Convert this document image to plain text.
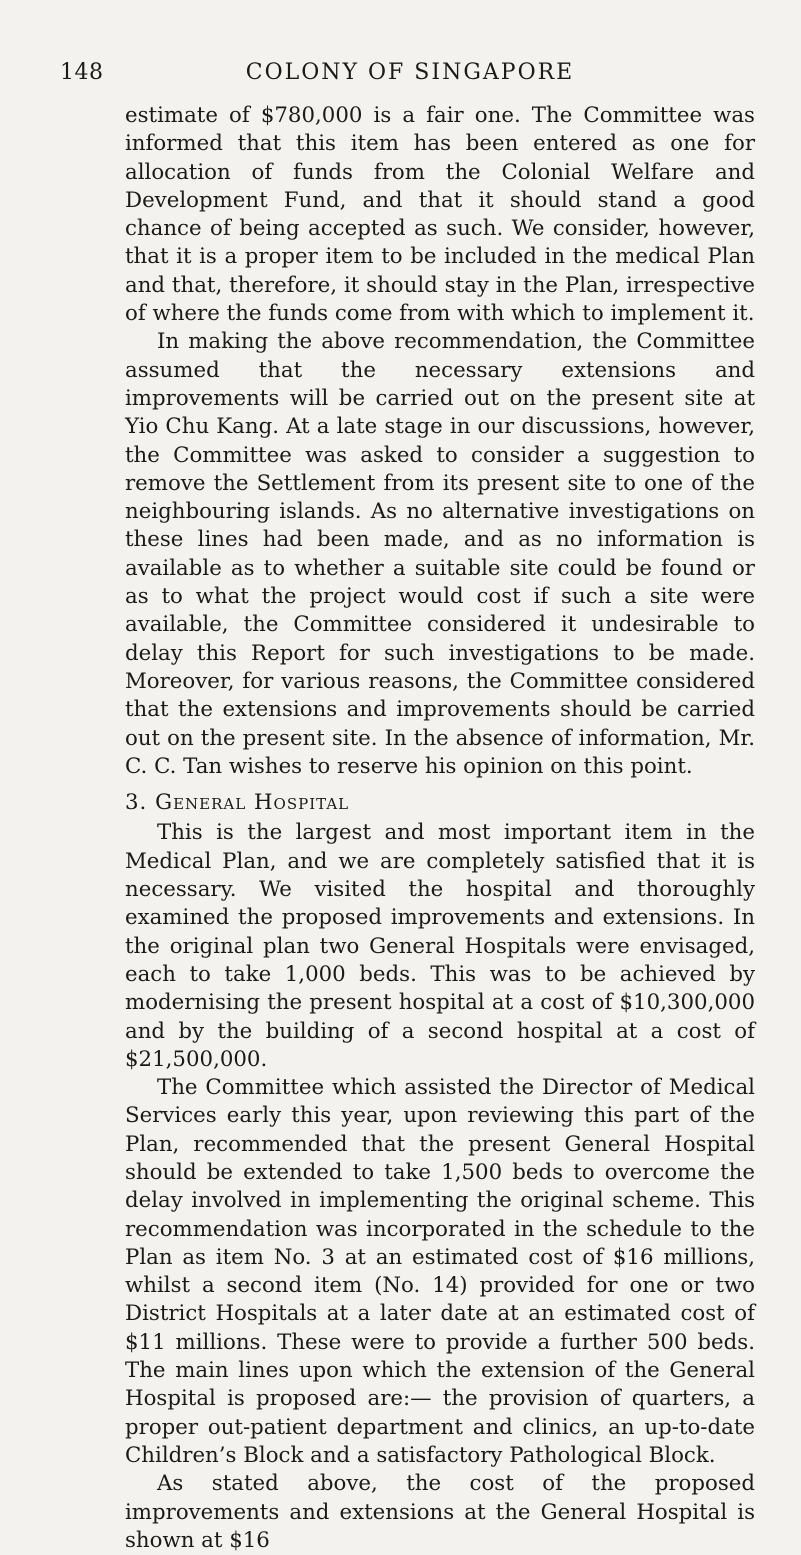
148	COLONY OF SINGAPORE

estimate of $780,000 is a fair one. The Committee was informed that this item has been entered as one for allocation of funds from the Colonial Welfare and Development Fund, and that it should stand a good chance of being accepted as such. We consider, however, that it is a proper item to be included in the medical Plan and that, therefore, it should stay in the Plan, irrespective of where the funds come from with which to implement it.

In making the above recommendation, the Committee assumed that the necessary extensions and improvements will be carried out on the present site at Yio Chu Kang. At a late stage in our discussions, however, the Committee was asked to consider a suggestion to remove the Settlement from its present site to one of the neighbouring islands. As no alternative investigations on these lines had been made, and as no information is available as to whether a suitable site could be found or as to what the project would cost if such a site were available, the Committee considered it undesirable to delay this Report for such investigations to be made. Moreover, for various reasons, the Committee considered that the extensions and improvements should be carried out on the present site. In the absence of information, Mr. C. C. Tan wishes to reserve his opinion on this point.

3. General Hospital

This is the largest and most important item in the Medical Plan, and we are completely satisfied that it is necessary. We visited the hospital and thoroughly examined the proposed improvements and extensions. In the original plan two General Hospitals were envisaged, each to take 1,000 beds. This was to be achieved by modernising the present hospital at a cost of $10,300,000 and by the building of a second hospital at a cost of $21,500,000.

The Committee which assisted the Director of Medical Services early this year, upon reviewing this part of the Plan, recommended that the present General Hospital should be extended to take 1,500 beds to overcome the delay involved in implementing the original scheme. This recommendation was incorporated in the schedule to the Plan as item No. 3 at an estimated cost of $16 millions, whilst a second item (No. 14) provided for one or two District Hospitals at a later date at an estimated cost of $11 millions. These were to provide a further 500 beds. The main lines upon which the extension of the General Hospital is proposed are:— the provision of quarters, a proper out-patient department and clinics, an up-to-date Children’s Block and a satisfactory Pathological Block.

As stated above, the cost of the proposed improvements and extensions at the General Hospital is shown at $16
